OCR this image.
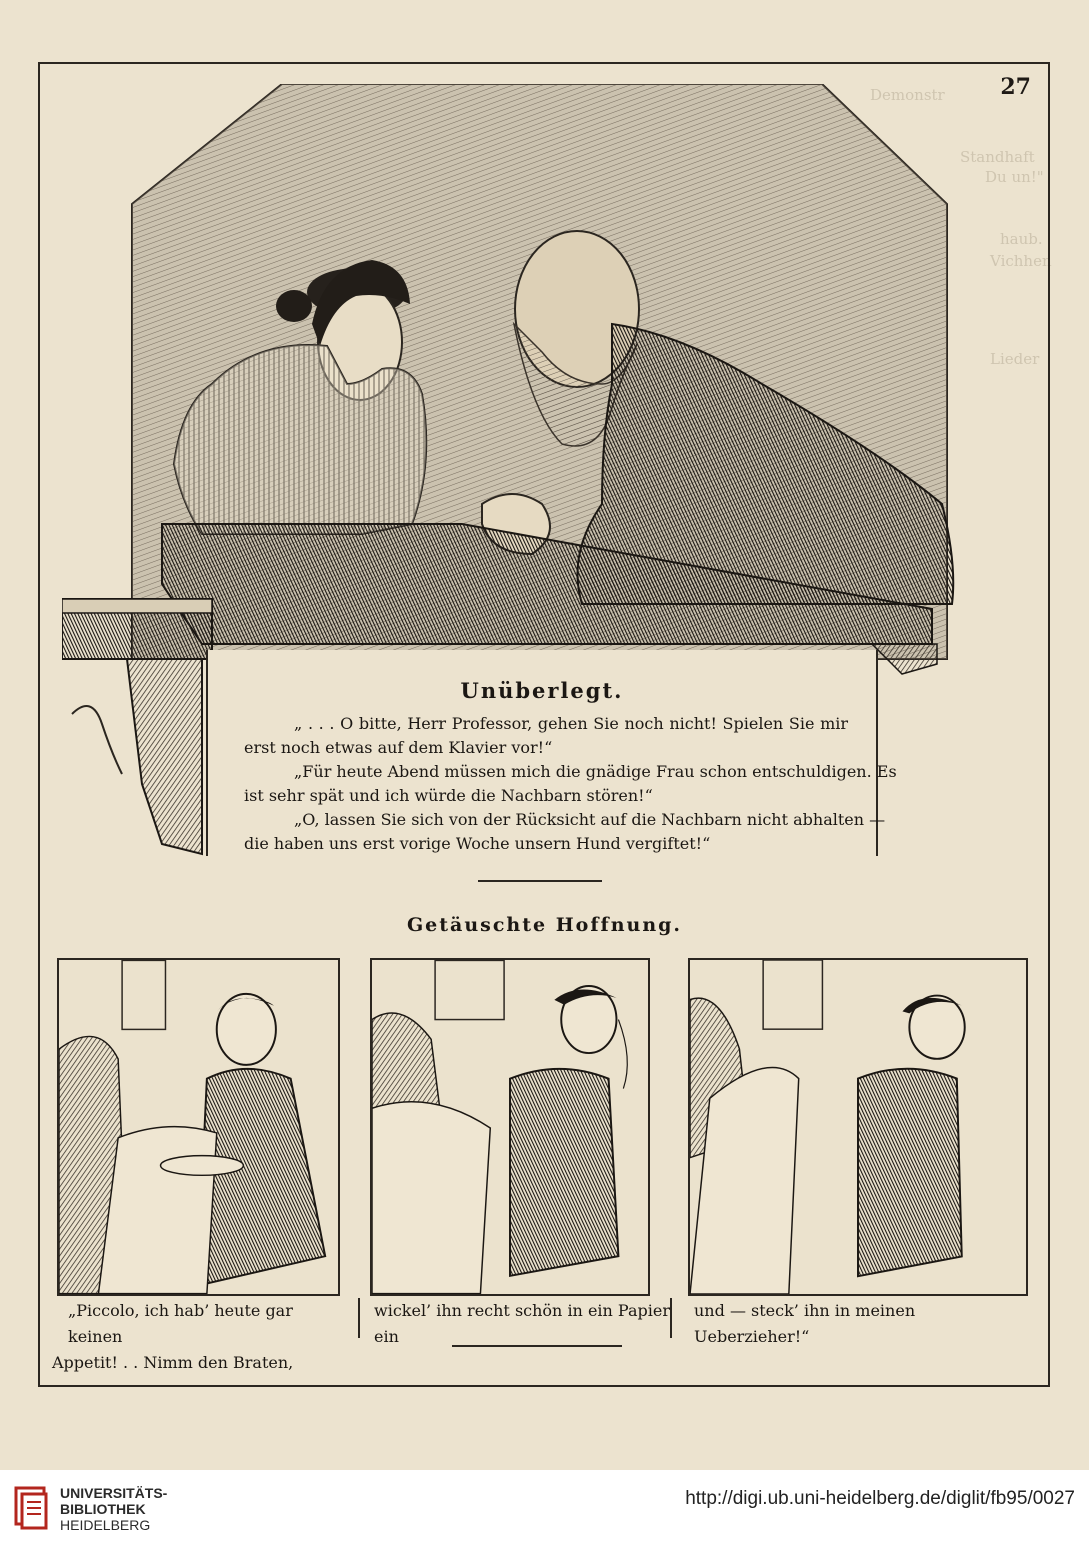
Demonstr
Standhaft
Du un!"
haub.
Vichhen
Lieder
27
Unüberlegt.
„ . . . O bitte, Herr Professor, gehen Sie noch nicht! Spielen Sie mir
erst noch etwas auf dem Klavier vor!“
„Für heute Abend müssen mich die gnädige Frau schon entschuldigen. Es
ist sehr spät und ich würde die Nachbarn stören!“
„O, lassen Sie sich von der Rücksicht auf die Nachbarn nicht abhalten —
die haben uns erst vorige Woche unsern Hund vergiftet!“
Getäuschte Hoffnung.
„Piccolo, ich hab’ heute gar keinen
Appetit! . . Nimm den Braten,
wickel’ ihn recht schön in ein Papier
ein
und — steck’ ihn in meinen Ueberzieher!“
UNIVERSITÄTS-
BIBLIOTHEK
HEIDELBERG
http://digi.ub.uni-heidelberg.de/diglit/fb95/0027
